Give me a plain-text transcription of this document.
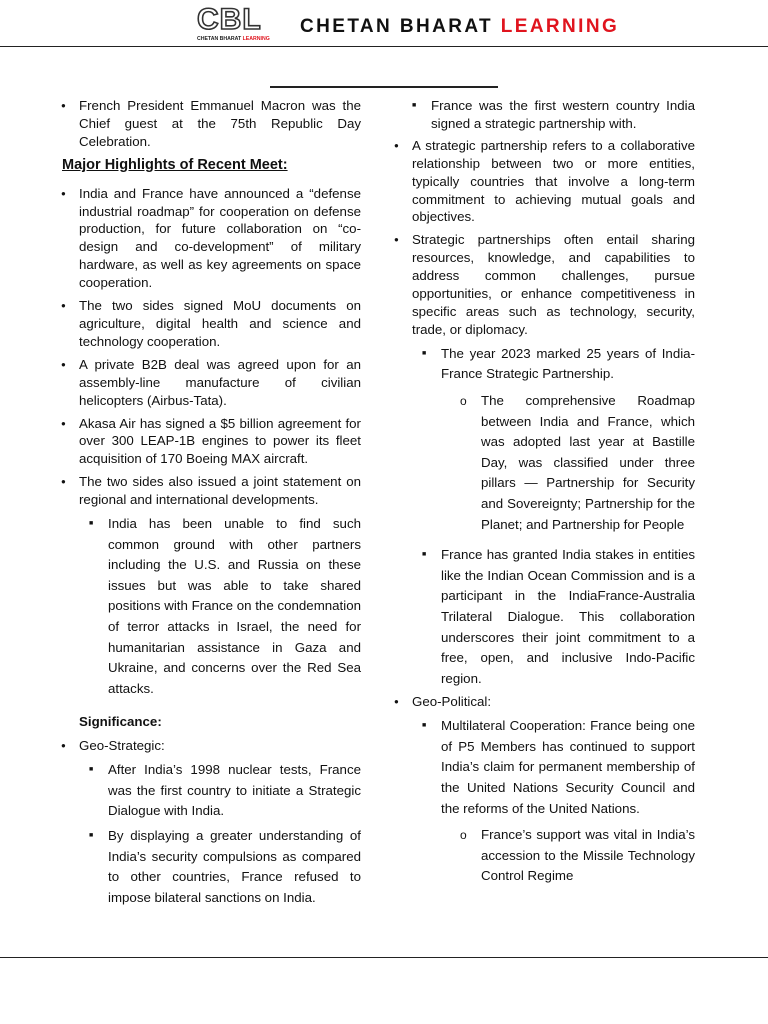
CBL
CHETAN BHARAT LEARNING
CHETAN BHARAT LEARNING
● French President Emmanuel Macron was the Chief guest at the 75th Republic Day Celebration.
Major Highlights of Recent Meet:
● India and France have announced a “defense industrial roadmap” for cooperation on defense production, for future collaboration on “co-design and co-development” of military hardware, as well as key agreements on space cooperation.
● The two sides signed MoU documents on agriculture, digital health and science and technology cooperation.
● A private B2B deal was agreed upon for an assembly-line manufacture of civilian helicopters (Airbus-Tata).
● Akasa Air has signed a $5 billion agreement for over 300 LEAP-1B engines to power its fleet acquisition of 170 Boeing MAX aircraft.
● The two sides also issued a joint statement on regional and international developments.
■ India has been unable to find such common ground with other partners including the U.S. and Russia on these issues but was able to take shared positions with France on the condemnation of terror attacks in Israel, the need for humanitarian assistance in Gaza and Ukraine, and concerns over the Red Sea attacks.
Significance:
● Geo-Strategic:
■ After India’s 1998 nuclear tests, France was the first country to initiate a Strategic Dialogue with India.
■ By displaying a greater understanding of India’s security compulsions as compared to other countries, France refused to impose bilateral sanctions on India.
■ France was the first western country India signed a strategic partnership with.
● A strategic partnership refers to a collaborative relationship between two or more entities, typically countries that involve a long-term commitment to achieving mutual goals and objectives.
● Strategic partnerships often entail sharing resources, knowledge, and capabilities to address common challenges, pursue opportunities, or enhance competitiveness in specific areas such as technology, security, trade, or diplomacy.
■ The year 2023 marked 25 years of India-France Strategic Partnership.
o The comprehensive Roadmap between India and France, which was adopted last year at Bastille Day, was classified under three pillars — Partnership for Security and Sovereignty; Partnership for the Planet; and Partnership for People
■ France has granted India stakes in entities like the Indian Ocean Commission and is a participant in the IndiaFrance-Australia Trilateral Dialogue. This collaboration underscores their joint commitment to a free, open, and inclusive Indo-Pacific region.
● Geo-Political:
■ Multilateral Cooperation: France being one of P5 Members has continued to support India’s claim for permanent membership of the United Nations Security Council and the reforms of the United Nations.
o France’s support was vital in India’s accession to the Missile Technology Control Regime
